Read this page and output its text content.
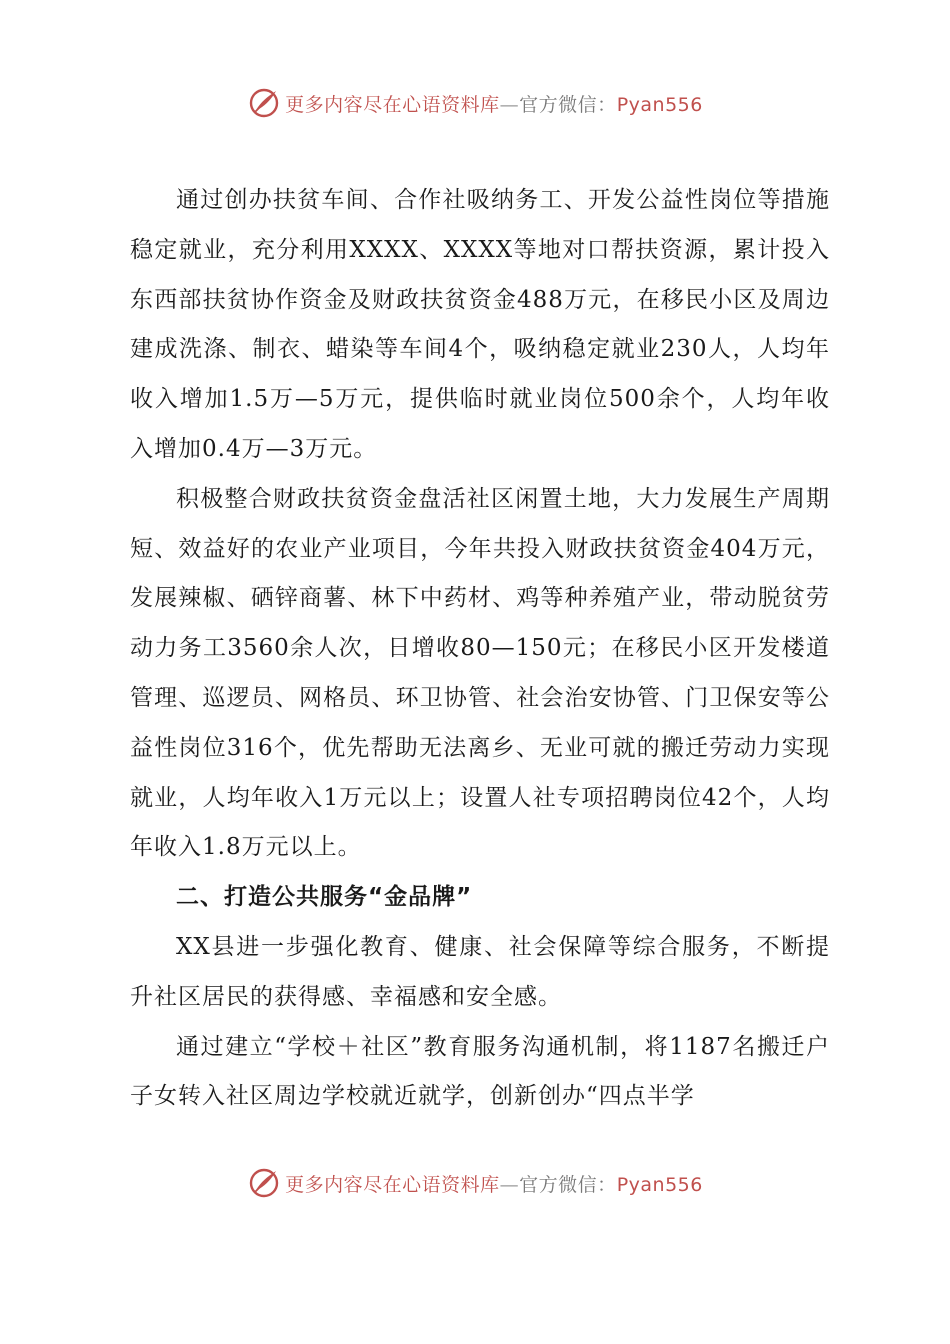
更多内容尽在心语资料库—官方微信：Pyan556

通过创办扶贫车间、合作社吸纳务工、开发公益性岗位等措施稳定就业，充分利用XXXX、XXXX等地对口帮扶资源，累计投入东西部扶贫协作资金及财政扶贫资金488万元，在移民小区及周边建成洗涤、制衣、蜡染等车间4个，吸纳稳定就业230人，人均年收入增加1.5万—5万元，提供临时就业岗位500余个，人均年收入增加0.4万—3万元。

积极整合财政扶贫资金盘活社区闲置土地，大力发展生产周期短、效益好的农业产业项目，今年共投入财政扶贫资金404万元，发展辣椒、硒锌商薯、林下中药材、鸡等种养殖产业，带动脱贫劳动力务工3560余人次，日增收80—150元；在移民小区开发楼道管理、巡逻员、网格员、环卫协管、社会治安协管、门卫保安等公益性岗位316个，优先帮助无法离乡、无业可就的搬迁劳动力实现就业，人均年收入1万元以上；设置人社专项招聘岗位42个，人均年收入1.8万元以上。

二、打造公共服务“金品牌”

XX县进一步强化教育、健康、社会保障等综合服务，不断提升社区居民的获得感、幸福感和安全感。

通过建立“学校＋社区”教育服务沟通机制，将1187名搬迁户子女转入社区周边学校就近就学，创新创办“四点半学

更多内容尽在心语资料库—官方微信：Pyan556
